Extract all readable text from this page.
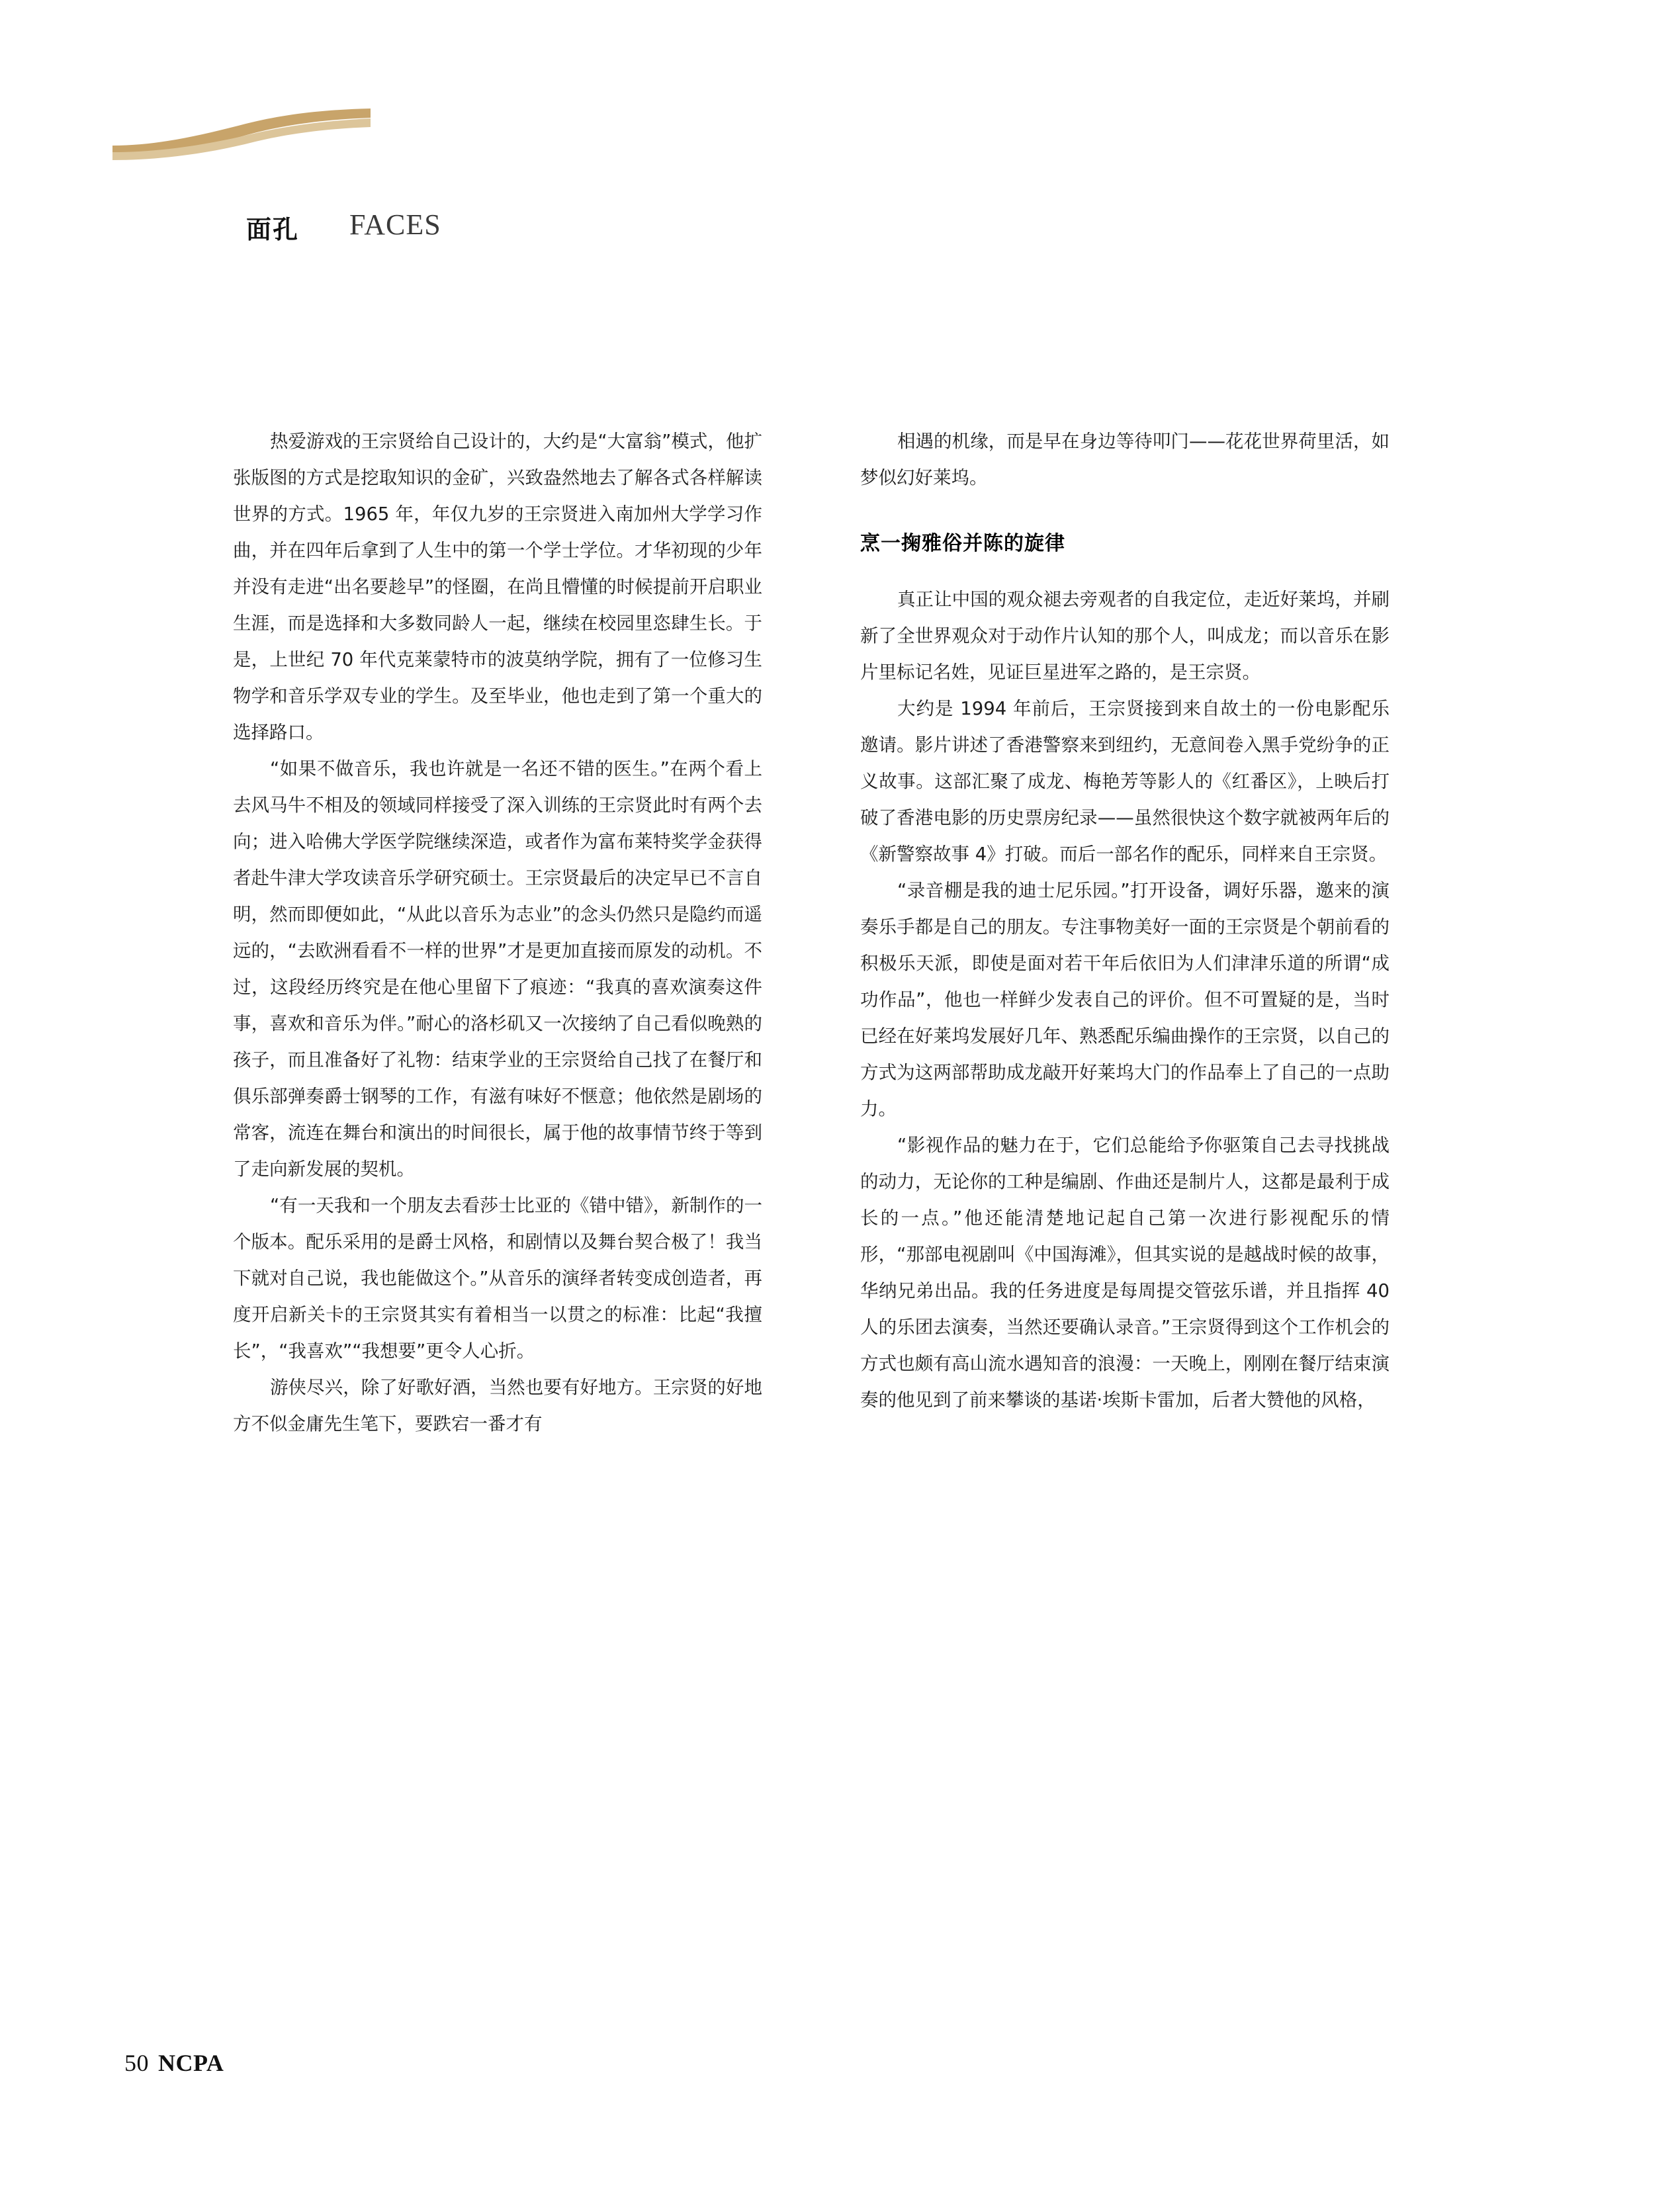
面孔 FACES

热爱游戏的王宗贤给自己设计的，大约是“大富翁”模式，他扩张版图的方式是挖取知识的金矿，兴致盎然地去了解各式各样解读世界的方式。1965 年，年仅九岁的王宗贤进入南加州大学学习作曲，并在四年后拿到了人生中的第一个学士学位。才华初现的少年并没有走进“出名要趁早”的怪圈，在尚且懵懂的时候提前开启职业生涯，而是选择和大多数同龄人一起，继续在校园里恣肆生长。于是，上世纪 70 年代克莱蒙特市的波莫纳学院，拥有了一位修习生物学和音乐学双专业的学生。及至毕业，他也走到了第一个重大的选择路口。

“如果不做音乐，我也许就是一名还不错的医生。”在两个看上去风马牛不相及的领域同样接受了深入训练的王宗贤此时有两个去向；进入哈佛大学医学院继续深造，或者作为富布莱特奖学金获得者赴牛津大学攻读音乐学研究硕士。王宗贤最后的决定早已不言自明，然而即便如此，“从此以音乐为志业”的念头仍然只是隐约而遥远的，“去欧洲看看不一样的世界”才是更加直接而原发的动机。不过，这段经历终究是在他心里留下了痕迹：“我真的喜欢演奏这件事，喜欢和音乐为伴。”耐心的洛杉矶又一次接纳了自己看似晚熟的孩子，而且准备好了礼物：结束学业的王宗贤给自己找了在餐厅和俱乐部弹奏爵士钢琴的工作，有滋有味好不惬意；他依然是剧场的常客，流连在舞台和演出的时间很长，属于他的故事情节终于等到了走向新发展的契机。

“有一天我和一个朋友去看莎士比亚的《错中错》，新制作的一个版本。配乐采用的是爵士风格，和剧情以及舞台契合极了！我当下就对自己说，我也能做这个。”从音乐的演绎者转变成创造者，再度开启新关卡的王宗贤其实有着相当一以贯之的标准：比起“我擅长”，“我喜欢”“我想要”更令人心折。

游侠尽兴，除了好歌好酒，当然也要有好地方。王宗贤的好地方不似金庸先生笔下，要跌宕一番才有

相遇的机缘，而是早在身边等待叩门——花花世界荷里活，如梦似幻好莱坞。

烹一掬雅俗并陈的旋律

真正让中国的观众褪去旁观者的自我定位，走近好莱坞，并刷新了全世界观众对于动作片认知的那个人，叫成龙；而以音乐在影片里标记名姓，见证巨星进军之路的，是王宗贤。

大约是 1994 年前后，王宗贤接到来自故土的一份电影配乐邀请。影片讲述了香港警察来到纽约，无意间卷入黑手党纷争的正义故事。这部汇聚了成龙、梅艳芳等影人的《红番区》，上映后打破了香港电影的历史票房纪录——虽然很快这个数字就被两年后的《新警察故事 4》打破。而后一部名作的配乐，同样来自王宗贤。

“录音棚是我的迪士尼乐园。”打开设备，调好乐器，邀来的演奏乐手都是自己的朋友。专注事物美好一面的王宗贤是个朝前看的积极乐天派，即使是面对若干年后依旧为人们津津乐道的所谓“成功作品”，他也一样鲜少发表自己的评价。但不可置疑的是，当时已经在好莱坞发展好几年、熟悉配乐编曲操作的王宗贤，以自己的方式为这两部帮助成龙敲开好莱坞大门的作品奉上了自己的一点助力。

“影视作品的魅力在于，它们总能给予你驱策自己去寻找挑战的动力，无论你的工种是编剧、作曲还是制片人，这都是最利于成长的一点。”他还能清楚地记起自己第一次进行影视配乐的情形，“那部电视剧叫《中国海滩》，但其实说的是越战时候的故事，华纳兄弟出品。我的任务进度是每周提交管弦乐谱，并且指挥 40 人的乐团去演奏，当然还要确认录音。”王宗贤得到这个工作机会的方式也颇有高山流水遇知音的浪漫：一天晚上，刚刚在餐厅结束演奏的他见到了前来攀谈的基诺·埃斯卡雷加，后者大赞他的风格，

50 NCPA
